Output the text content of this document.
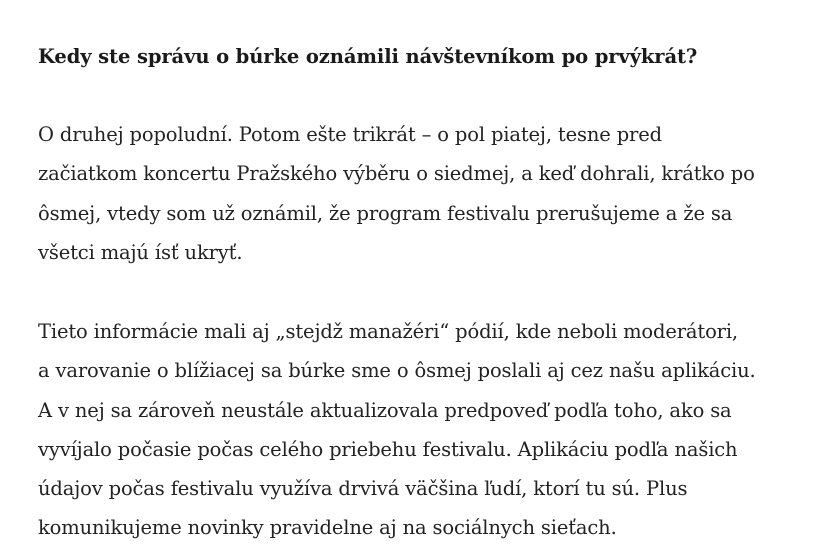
Kedy ste správu o búrke oznámili návštevníkom po prvýkrát?

O druhej popoludní. Potom ešte trikrát – o pol piatej, tesne pred
začiatkom koncertu Pražského výběru o siedmej, a keď dohrali, krátko po
ôsmej, vtedy som už oznámil, že program festivalu prerušujeme a že sa
všetci majú ísť ukryť.

Tieto informácie mali aj „stejdž manažéri“ pódií, kde neboli moderátori,
a varovanie o blížiacej sa búrke sme o ôsmej poslali aj cez našu aplikáciu.
A v nej sa zároveň neustále aktualizovala predpoveď podľa toho, ako sa
vyvíjalo počasie počas celého priebehu festivalu. Aplikáciu podľa našich
údajov počas festivalu využíva drvivá väčšina ľudí, ktorí tu sú. Plus
komunikujeme novinky pravidelne aj na sociálnych sieťach.
